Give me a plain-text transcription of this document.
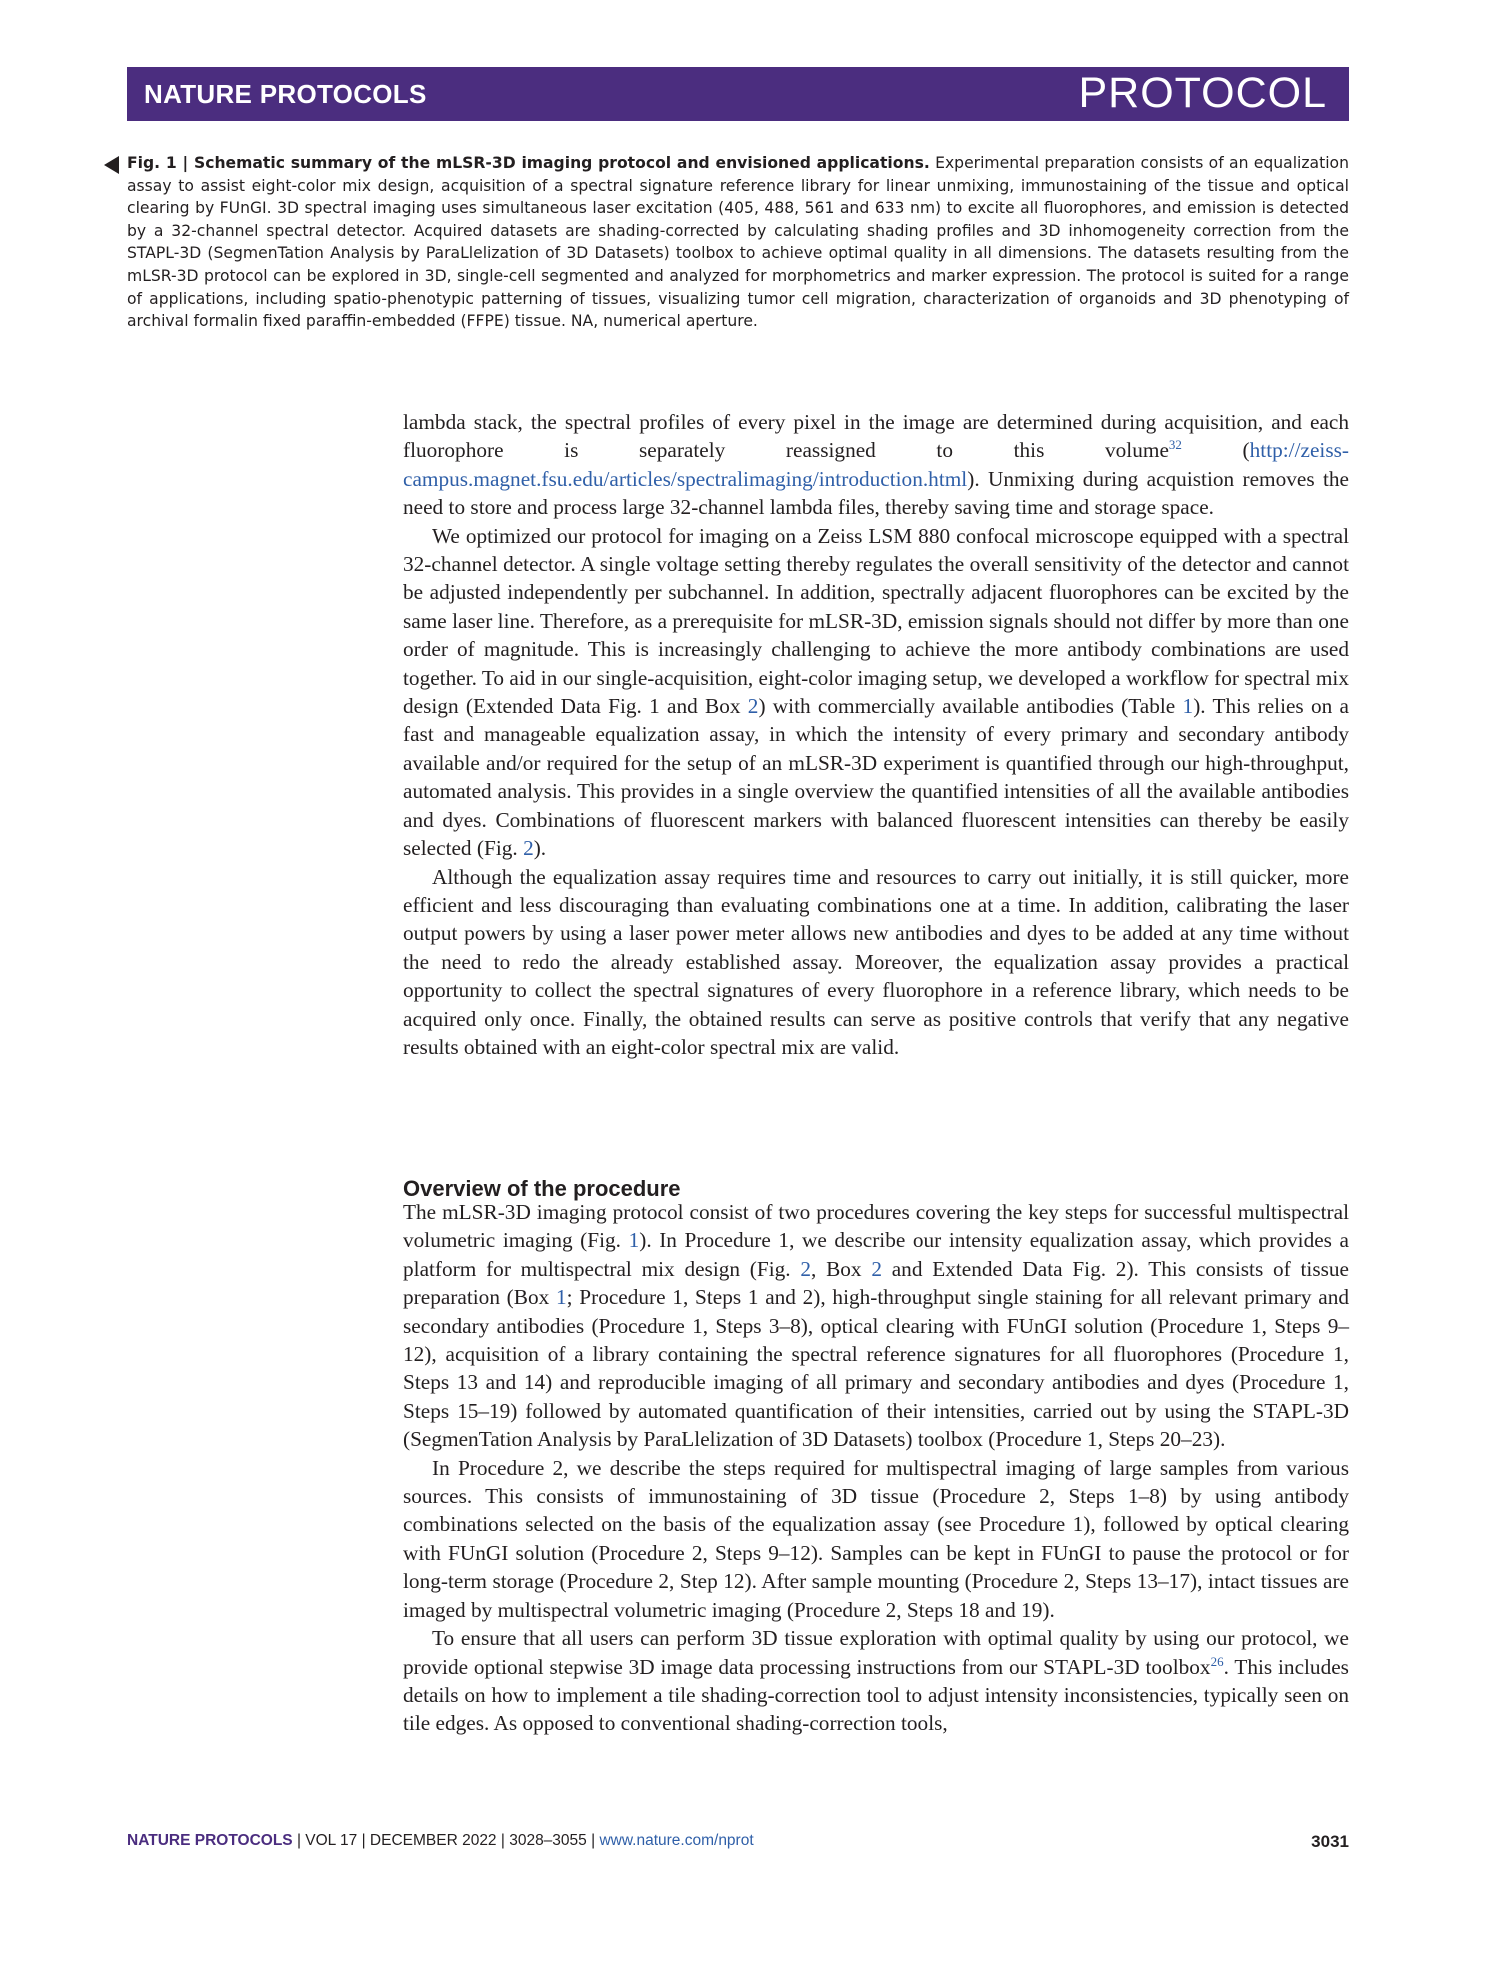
NATURE PROTOCOLS	PROTOCOL
Fig. 1 | Schematic summary of the mLSR-3D imaging protocol and envisioned applications. Experimental preparation consists of an equalization assay to assist eight-color mix design, acquisition of a spectral signature reference library for linear unmixing, immunostaining of the tissue and optical clearing by FUnGI. 3D spectral imaging uses simultaneous laser excitation (405, 488, 561 and 633 nm) to excite all fluorophores, and emission is detected by a 32-channel spectral detector. Acquired datasets are shading-corrected by calculating shading profiles and 3D inhomogeneity correction from the STAPL-3D (SegmenTation Analysis by ParaLlelization of 3D Datasets) toolbox to achieve optimal quality in all dimensions. The datasets resulting from the mLSR-3D protocol can be explored in 3D, single-cell segmented and analyzed for morphometrics and marker expression. The protocol is suited for a range of applications, including spatio-phenotypic patterning of tissues, visualizing tumor cell migration, characterization of organoids and 3D phenotyping of archival formalin fixed paraffin-embedded (FFPE) tissue. NA, numerical aperture.

lambda stack, the spectral profiles of every pixel in the image are determined during acquisition, and each fluorophore is separately reassigned to this volume$^{32}$ (http://zeiss-campus.magnet.fsu.edu/articles/spectralimaging/introduction.html). Unmixing during acquistion removes the need to store and process large 32-channel lambda files, thereby saving time and storage space.

We optimized our protocol for imaging on a Zeiss LSM 880 confocal microscope equipped with a spectral 32-channel detector. A single voltage setting thereby regulates the overall sensitivity of the detector and cannot be adjusted independently per subchannel. In addition, spectrally adjacent fluorophores can be excited by the same laser line. Therefore, as a prerequisite for mLSR-3D, emission signals should not differ by more than one order of magnitude. This is increasingly challenging to achieve the more antibody combinations are used together. To aid in our single-acquisition, eight-color imaging setup, we developed a workflow for spectral mix design (Extended Data Fig. 1 and Box 2) with commercially available antibodies (Table 1). This relies on a fast and manageable equalization assay, in which the intensity of every primary and secondary antibody available and/or required for the setup of an mLSR-3D experiment is quantified through our high-throughput, automated analysis. This provides in a single overview the quantified intensities of all the available antibodies and dyes. Combinations of fluorescent markers with balanced fluorescent intensities can thereby be easily selected (Fig. 2).

Although the equalization assay requires time and resources to carry out initially, it is still quicker, more efficient and less discouraging than evaluating combinations one at a time. In addition, calibrating the laser output powers by using a laser power meter allows new antibodies and dyes to be added at any time without the need to redo the already established assay. Moreover, the equalization assay provides a practical opportunity to collect the spectral signatures of every fluorophore in a reference library, which needs to be acquired only once. Finally, the obtained results can serve as positive controls that verify that any negative results obtained with an eight-color spectral mix are valid.

Overview of the procedure

The mLSR-3D imaging protocol consist of two procedures covering the key steps for successful multispectral volumetric imaging (Fig. 1). In Procedure 1, we describe our intensity equalization assay, which provides a platform for multispectral mix design (Fig. 2, Box 2 and Extended Data Fig. 2). This consists of tissue preparation (Box 1; Procedure 1, Steps 1 and 2), high-throughput single staining for all relevant primary and secondary antibodies (Procedure 1, Steps 3–8), optical clearing with FUnGI solution (Procedure 1, Steps 9–12), acquisition of a library containing the spectral reference signatures for all fluorophores (Procedure 1, Steps 13 and 14) and reproducible imaging of all primary and secondary antibodies and dyes (Procedure 1, Steps 15–19) followed by automated quantification of their intensities, carried out by using the STAPL-3D (SegmenTation Analysis by ParaLlelization of 3D Datasets) toolbox (Procedure 1, Steps 20–23).

In Procedure 2, we describe the steps required for multispectral imaging of large samples from various sources. This consists of immunostaining of 3D tissue (Procedure 2, Steps 1–8) by using antibody combinations selected on the basis of the equalization assay (see Procedure 1), followed by optical clearing with FUnGI solution (Procedure 2, Steps 9–12). Samples can be kept in FUnGI to pause the protocol or for long-term storage (Procedure 2, Step 12). After sample mounting (Procedure 2, Steps 13–17), intact tissues are imaged by multispectral volumetric imaging (Procedure 2, Steps 18 and 19).

To ensure that all users can perform 3D tissue exploration with optimal quality by using our protocol, we provide optional stepwise 3D image data processing instructions from our STAPL-3D toolbox$^{26}$. This includes details on how to implement a tile shading-correction tool to adjust intensity inconsistencies, typically seen on tile edges. As opposed to conventional shading-correction tools,

NATURE PROTOCOLS | VOL 17 | DECEMBER 2022 | 3028–3055 | www.nature.com/nprot	3031
